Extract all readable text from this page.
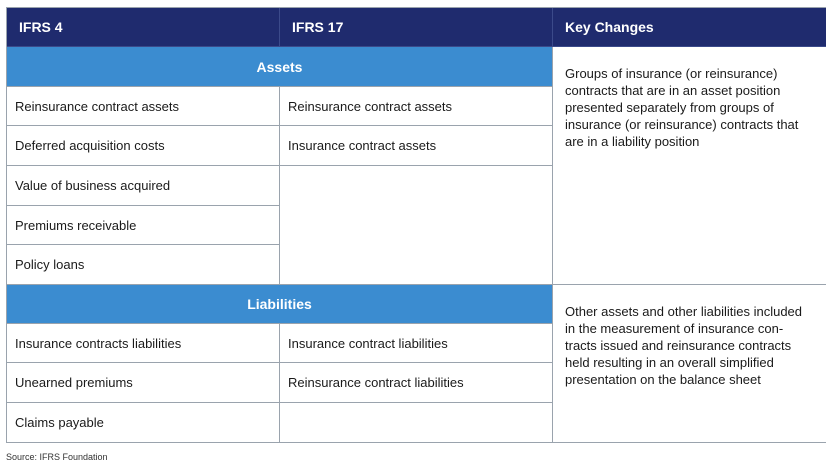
IFRS 4	IFRS 17	Key Changes
Assets
Reinsurance contract assets
Deferred acquisition costs
Value of business acquired
Premiums receivable
Policy loans
Reinsurance contract assets
Insurance contract assets
Groups of insurance (or reinsurance) contracts that are in an asset position presented separately from groups of insurance (or reinsurance) contracts that are in a liability position
Liabilities
Insurance contracts liabilities
Unearned premiums
Claims payable
Insurance contract liabilities
Reinsurance contract liabilities
Other assets and other liabilities included in the measurement of insurance con-tracts issued and reinsurance contracts held resulting in an overall simplified presentation on the balance sheet
Source: IFRS Foundation
